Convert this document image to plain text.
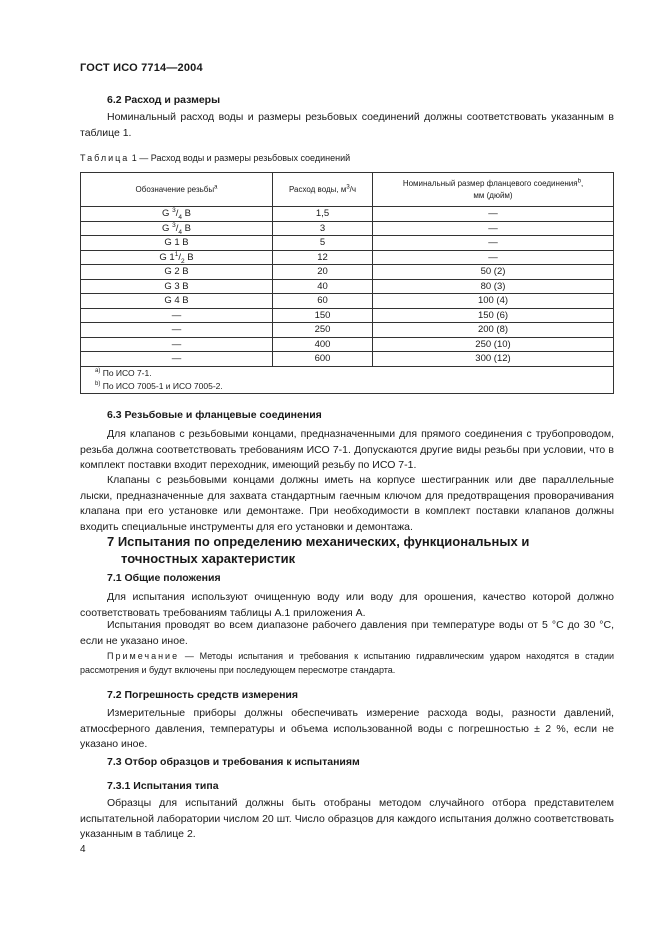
ГОСТ ИСО 7714—2004
6.2 Расход и размеры
Номинальный расход воды и размеры резьбовых соединений должны соответствовать указанным в таблице 1.
Таблица 1 — Расход воды и размеры резьбовых соединений
Обозначение резьбы$^а$	Расход воды, $м^3/ч$	Номинальный размер фланцевого соединения$^b$,
мм (дюйм)
G $^3/_4$ B	1,5	—
G $^3/_4$ B	3	—
G 1 B	5	—
G $1^1/_2$ B	12	—
G 2 B	20	50 (2)
G 3 B	40	80 (3)
G 4 B	60	100 (4)
—	150	150 (6)
—	250	200 (8)
—	400	250 (10)
—	600	300 (12)

$^{a)}$ По ИСО 7-1.
$^{b)}$ По ИСО 7005-1 и ИСО 7005-2.		
6.3 Резьбовые и фланцевые соединения
Для клапанов с резьбовыми концами, предназначенными для прямого соединения с трубопроводом, резьба должна соответствовать требованиям ИСО 7-1. Допускаются другие виды резьбы при условии, что в комплект поставки входит переходник, имеющий резьбу по ИСО 7-1.
Клапаны с резьбовыми концами должны иметь на корпусе шестигранник или две параллельные лыски, предназначенные для захвата стандартным гаечным ключом для предотвращения проворачивания клапана при его установке или демонтаже. При необходимости в комплект поставки клапанов должны входить специальные инструменты для его установки и демонтажа.
7 Испытания по определению механических, функциональных и
точностных характеристик
7.1 Общие положения
Для испытания используют очищенную воду или воду для орошения, качество которой должно соответствовать требованиям таблицы А.1 приложения А.
Испытания проводят во всем диапазоне рабочего давления при температуре воды от 5 °С до 30 °С, если не указано иное.
Примечание — Методы испытания и требования к испытанию гидравлическим ударом находятся в стадии рассмотрения и будут включены при последующем пересмотре стандарта.
7.2 Погрешность средств измерения
Измерительные приборы должны обеспечивать измерение расхода воды, разности давлений, атмосферного давления, температуры и объема использованной воды с погрешностью ± 2 %, если не указано иное.
7.3 Отбор образцов и требования к испытаниям
7.3.1 Испытания типа
Образцы для испытаний должны быть отобраны методом случайного отбора представителем испытательной лаборатории числом 20 шт. Число образцов для каждого испытания должно соответствовать указанным в таблице 2.
4
